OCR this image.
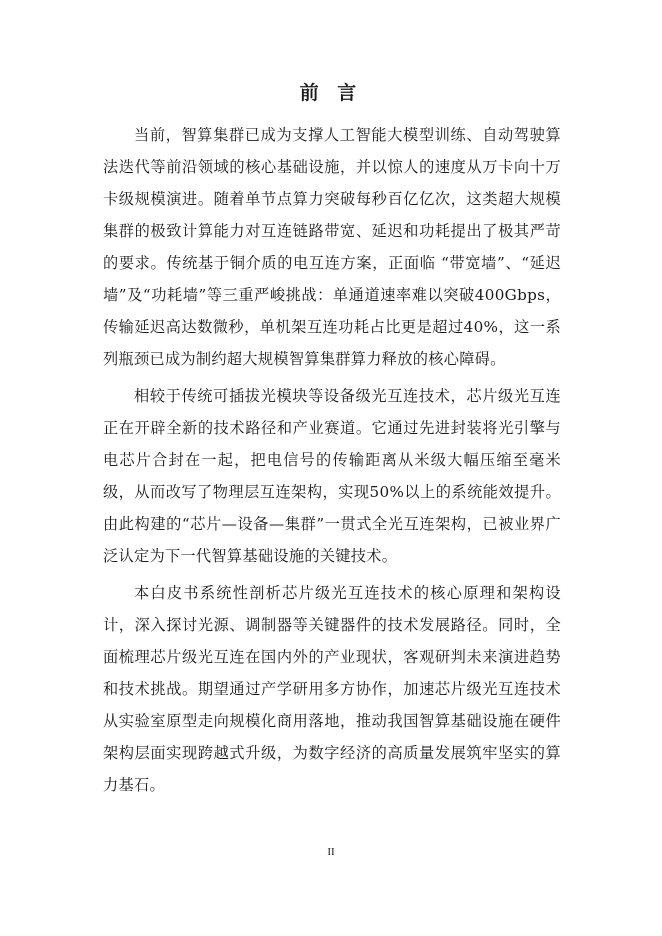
前 言

当前，智算集群已成为支撑人工智能大模型训练、自动驾驶算法迭代等前沿领域的核心基础设施，并以惊人的速度从万卡向十万卡级规模演进。随着单节点算力突破每秒百亿亿次，这类超大规模集群的极致计算能力对互连链路带宽、延迟和功耗提出了极其严苛的要求。传统基于铜介质的电互连方案，正面临 “带宽墙”、“延迟墙”及“功耗墙”等三重严峻挑战：单通道速率难以突破400Gbps，传输延迟高达数微秒，单机架互连功耗占比更是超过40%，这一系列瓶颈已成为制约超大规模智算集群算力释放的核心障碍。

相较于传统可插拔光模块等设备级光互连技术，芯片级光互连正在开辟全新的技术路径和产业赛道。它通过先进封装将光引擎与电芯片合封在一起，把电信号的传输距离从米级大幅压缩至毫米级，从而改写了物理层互连架构，实现50%以上的系统能效提升。由此构建的“芯片—设备—集群”一贯式全光互连架构，已被业界广泛认定为下一代智算基础设施的关键技术。

本白皮书系统性剖析芯片级光互连技术的核心原理和架构设计，深入探讨光源、调制器等关键器件的技术发展路径。同时，全面梳理芯片级光互连在国内外的产业现状，客观研判未来演进趋势和技术挑战。期望通过产学研用多方协作，加速芯片级光互连技术从实验室原型走向规模化商用落地，推动我国智算基础设施在硬件架构层面实现跨越式升级，为数字经济的高质量发展筑牢坚实的算力基石。

II
